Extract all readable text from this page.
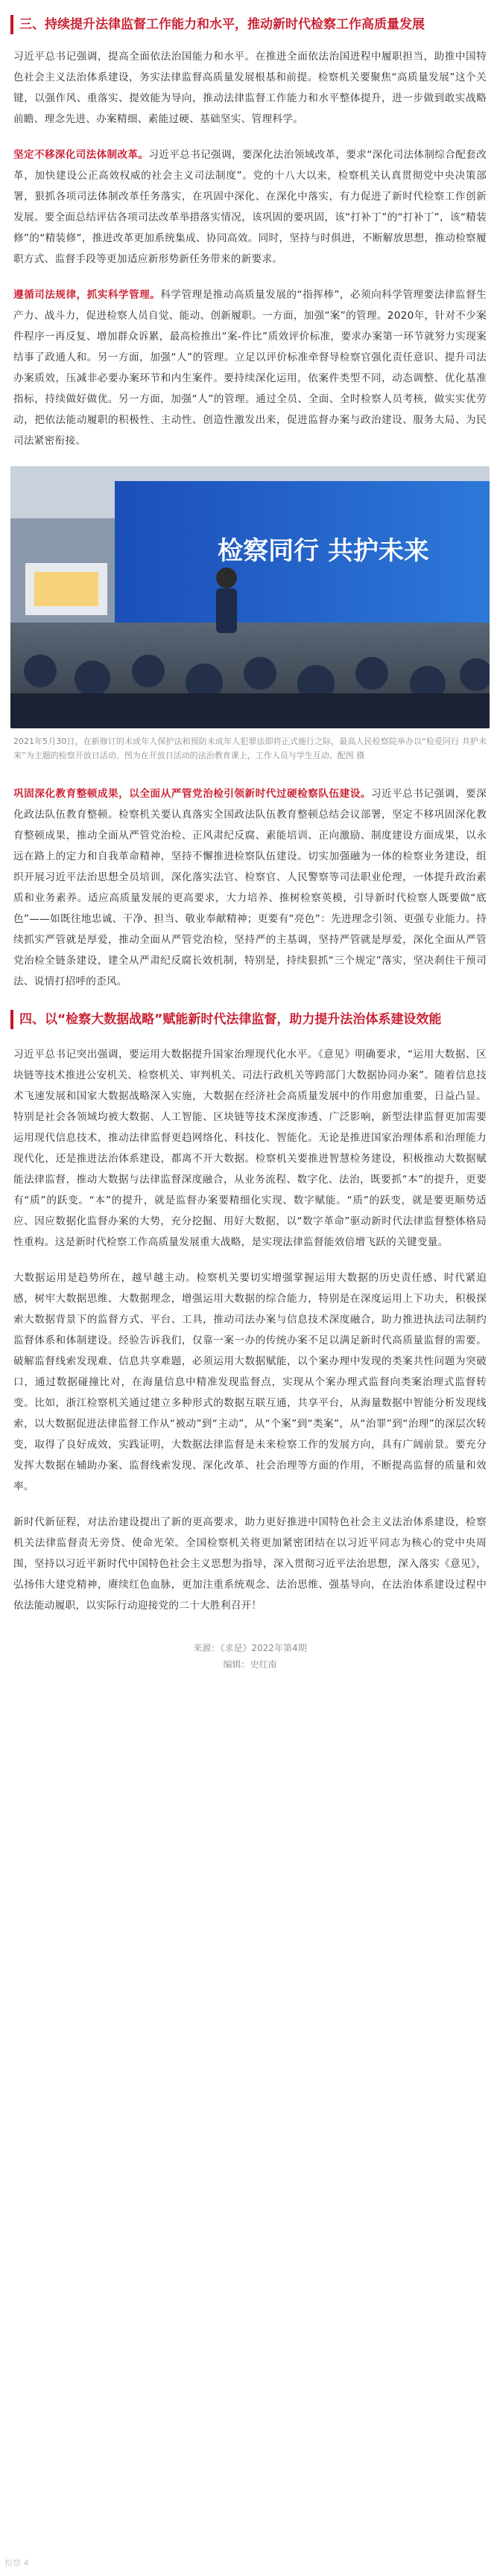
三、持续提升法律监督工作能力和水平，推动新时代检察工作高质量发展

习近平总书记强调，提高全面依法治国能力和水平。在推进全面依法治国进程中履职担当，助推中国特色社会主义法治体系建设，务实法律监督高质量发展根基和前提。检察机关要聚焦“高质量发展”这个关键，以强作风、重落实、提效能为导向，推动法律监督工作能力和水平整体提升，进一步做到敢实战略前瞻、理念先进、办案精细、素能过硬、基础坚实、管理科学。

坚定不移深化司法体制改革。习近平总书记强调，要深化法治领域改革，要求“深化司法体制综合配套改革，加快建设公正高效权威的社会主义司法制度”。党的十八大以来，检察机关认真贯彻党中央决策部署，狠抓各项司法体制改革任务落实，在巩固中深化、在深化中落实，有力促进了新时代检察工作创新发展。要全面总结评估各项司法改革举措落实情况，该巩固的要巩固，该“打补丁”的“打补丁”，该“精装修”的“精装修”，推进改革更加系统集成、协同高效。同时，坚持与时俱进，不断解放思想，推动检察履职方式、监督手段等更加适应新形势新任务带来的新要求。

遵循司法规律，抓实科学管理。科学管理是推动高质量发展的“指挥棒”，必须向科学管理要法律监督生产力、战斗力，促进检察人员自觉、能动、创新履职。一方面，加强“案”的管理。2020年，针对不少案件程序一再反复、增加群众诉累，最高检推出“案-件比”质效评价标准，要求办案第一环节就努力实现案结事了政通人和。另一方面，加强“人”的管理。立足以评价标准牵督导检察官强化责任意识、提升司法办案质效，压减非必要办案环节和内生案件。要持续深化运用，依案件类型不同，动态调整、优化基准指标，持续做好做优。另一方面，加强“人”的管理。通过全员、全面、全时检察人员考核，做实实优劳动，把依法能动履职的积极性、主动性、创造性激发出来，促进监督办案与政治建设、服务大局、为民司法紧密衔接。

检察同行 共护未来

2021年5月30日，在新修订的未成年人保护法和预防未成年人犯罪法即将正式施行之际，最高人民检察院举办以“检爱同行 共护未来”为主题的检察开放日活动。图为在开放日活动的法治教育课上，工作人员与学生互动。配图 摄

巩固深化教育整顿成果，以全面从严管党治检引领新时代过硬检察队伍建设。习近平总书记强调，要深化政法队伍教育整顿。检察机关要认真落实全国政法队伍教育整顿总结会议部署，坚定不移巩固深化教育整顿成果，推动全面从严管党治检、正风肃纪反腐、素能培训、正向激励、制度建设方面成果，以永远在路上的定力和自我革命精神，坚持不懈推进检察队伍建设。切实加强融为一体的检察业务建设，组织开展习近平法治思想全员培训，深化落实法官、检察官、人民警察等司法职业伦理，一体提升政治素质和业务素养。适应高质量发展的更高要求，大力培养、推树检察英模，引导新时代检察人既要做“底色”——如既往地忠诚、干净、担当、敬业奉献精神；更要有“亮色”：先进理念引领、更强专业能力。持续抓实严管就是厚爱，推动全面从严管党治检，坚持严的主基调，坚持严管就是厚爱，深化全面从严管党治检全链条建设，建全从严肃纪反腐长效机制，特别是，持续狠抓“三个规定”落实，坚决刹住干预司法、说情打招呼的歪风。

四、以“检察大数据战略”赋能新时代法律监督，助力提升法治体系建设效能

习近平总书记突出强调，要运用大数据提升国家治理现代化水平。《意见》明确要求，“运用大数据、区块链等技术推进公安机关、检察机关、审判机关、司法行政机关等跨部门大数据协同办案”。随着信息技术飞速发展和国家大数据战略深入实施，大数据在经济社会高质量发展中的作用愈加重要，日益凸显。特别是社会各领域均被大数据、人工智能、区块链等技术深度渗透、广泛影响，新型法律监督更加需要运用现代信息技术，推动法律监督更趋网络化、科技化、智能化。无论是推进国家治理体系和治理能力现代化，还是推进法治体系建设，都离不开大数据。检察机关要推进智慧检务建设，积极推动大数据赋能法律监督，推动大数据与法律监督深度融合，从业务流程、数字化、法治，既要抓“本”的提升，更要有“质”的跃变。“本”的提升，就是监督办案要精细化实现、数字赋能。“质”的跃变，就是要更顺势适应、因应数据化监督办案的大势，充分挖掘、用好大数据，以“数字革命”驱动新时代法律监督整体格局性重构。这是新时代检察工作高质量发展重大战略，是实现法律监督能效倍增飞跃的关键变量。

大数据运用是趋势所在，越早越主动。检察机关要切实增强掌握运用大数据的历史责任感、时代紧迫感，树牢大数据思维、大数据理念，增强运用大数据的综合能力，特别是在深度运用上下功夫，积极探索大数据背景下的监督方式、平台、工具，推动司法办案与信息技术深度融合，助力推进执法司法制约监督体系和体制建设。经验告诉我们，仅靠一案一办的传统办案不足以满足新时代高质量监督的需要。破解监督线索发现难、信息共享难题，必须运用大数据赋能，以个案办理中发现的类案共性问题为突破口，通过数据碰撞比对，在海量信息中精准发现监督点，实现从个案办理式监督向类案治理式监督转变。比如，浙江检察机关通过建立多种形式的数据互联互通，共享平台，从海量数据中智能分析发现线索，以大数据促进法律监督工作从“被动”到“主动”，从“个案”到“类案”，从“治罪”到“治理”的深层次转变，取得了良好成效，实践证明，大数据法律监督是未来检察工作的发展方向，具有广阔前景。要充分发挥大数据在辅助办案、监督线索发现、深化改革、社会治理等方面的作用，不断提高监督的质量和效率。

新时代新征程，对法治建设提出了新的更高要求，助力更好推进中国特色社会主义法治体系建设，检察机关法律监督责无旁贷、使命光荣。全国检察机关将更加紧密团结在以习近平同志为核心的党中央周围，坚持以习近平新时代中国特色社会主义思想为指导，深入贯彻习近平法治思想，深入落实《意见》，弘扬伟大建党精神，赓续红色血脉，更加注重系统观念、法治思维、强基导向，在法治体系建设过程中依法能动履职，以实际行动迎接党的二十大胜利召开！

来源：《求是》2022年第4期
编辑：史红南
检察 4
